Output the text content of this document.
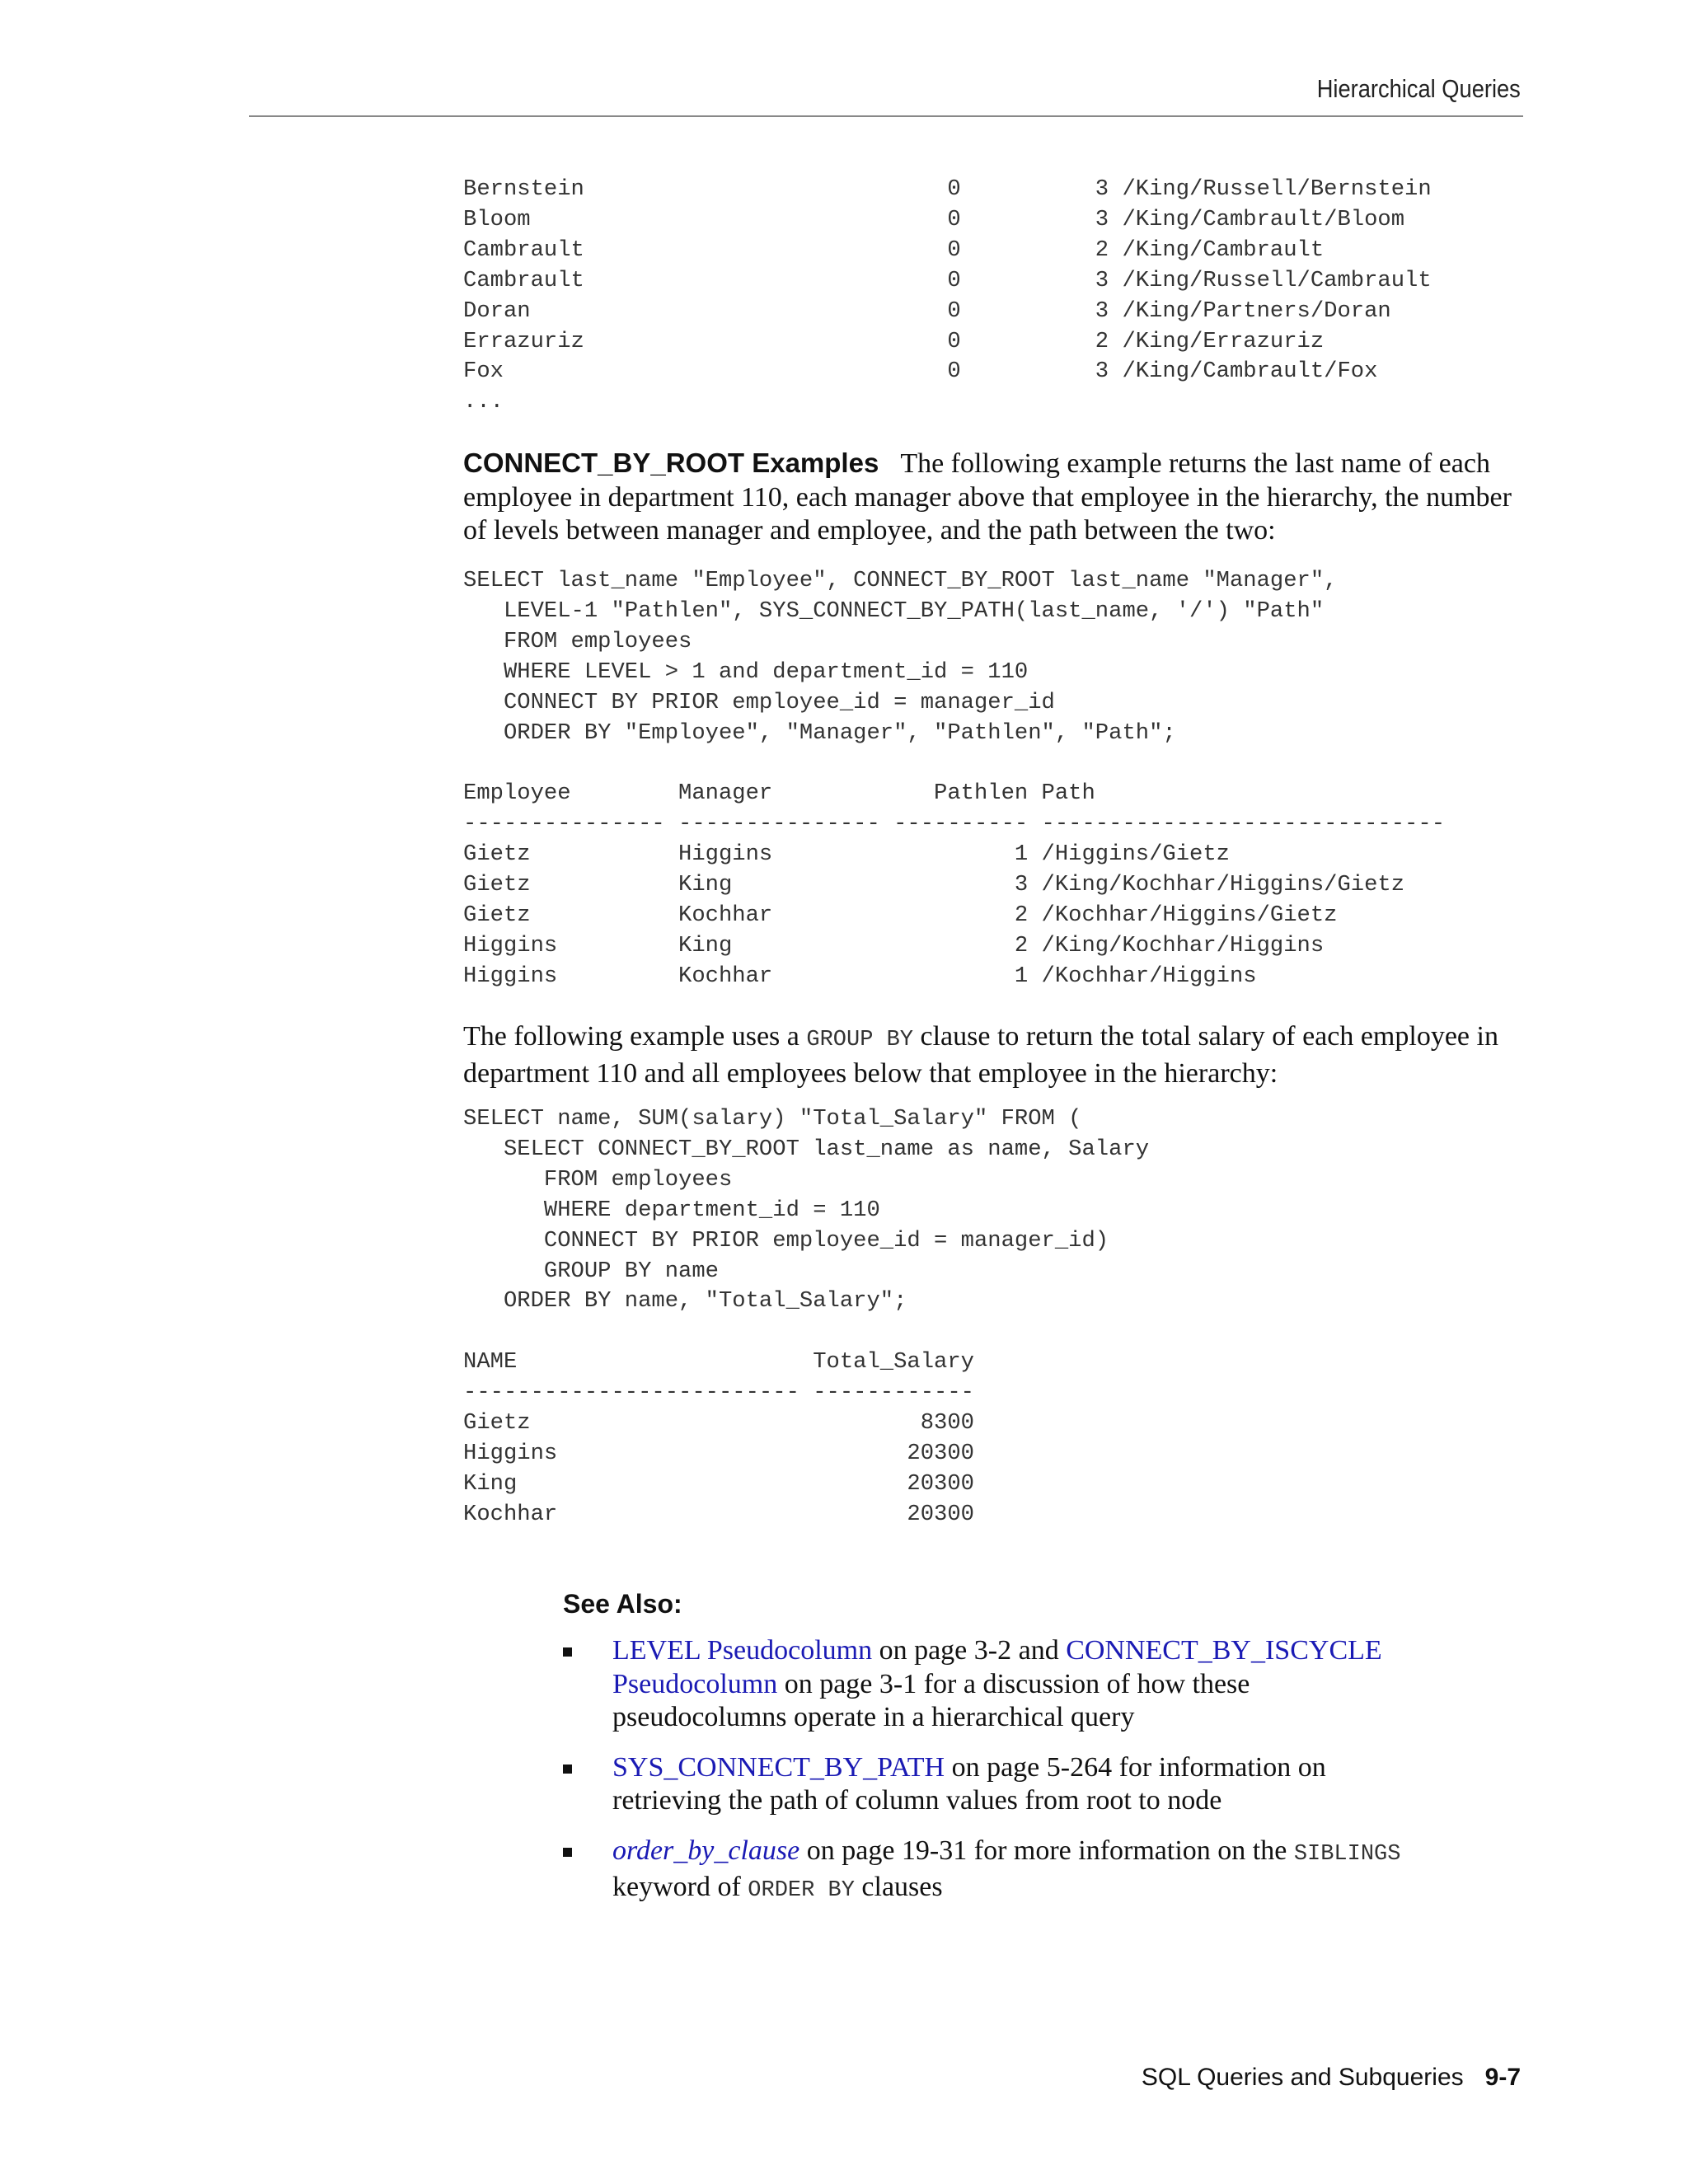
Hierarchical Queries
Bernstein                           0          3 /King/Russell/Bernstein
Bloom                               0          3 /King/Cambrault/Bloom
Cambrault                           0          2 /King/Cambrault
Cambrault                           0          3 /King/Russell/Cambrault
Doran                               0          3 /King/Partners/Doran
Errazuriz                           0          2 /King/Errazuriz
Fox                                 0          3 /King/Cambrault/Fox
...

CONNECT_BY_ROOT Examples The following example returns the last name of each employee in department 110, each manager above that employee in the hierarchy, the number of levels between manager and employee, and the path between the two:

SELECT last_name "Employee", CONNECT_BY_ROOT last_name "Manager",
LEVEL-1 "Pathlen", SYS_CONNECT_BY_PATH(last_name, '/') "Path"
FROM employees
WHERE LEVEL > 1 and department_id = 110
CONNECT BY PRIOR employee_id = manager_id
ORDER BY "Employee", "Manager", "Pathlen", "Path";

Employee        Manager            Pathlen Path
--------------- --------------- ---------- ------------------------------
Gietz           Higgins                  1 /Higgins/Gietz
Gietz           King                     3 /King/Kochhar/Higgins/Gietz
Gietz           Kochhar                  2 /Kochhar/Higgins/Gietz
Higgins         King                     2 /King/Kochhar/Higgins
Higgins         Kochhar                  1 /Kochhar/Higgins

The following example uses a GROUP BY clause to return the total salary of each employee in department 110 and all employees below that employee in the hierarchy:

SELECT name, SUM(salary) "Total_Salary" FROM (
SELECT CONNECT_BY_ROOT last_name as name, Salary
FROM employees
WHERE department_id = 110
CONNECT BY PRIOR employee_id = manager_id)
GROUP BY name
ORDER BY name, "Total_Salary";

NAME                      Total_Salary
------------------------- ------------
Gietz                             8300
Higgins                          20300
King                             20300
Kochhar                          20300

See Also:

LEVEL Pseudocolumn on page 3-2 and CONNECT_BY_ISCYCLE Pseudocolumn on page 3-1 for a discussion of how these pseudocolumns operate in a hierarchical query
SYS_CONNECT_BY_PATH on page 5-264 for information on retrieving the path of column values from root to node
order_by_clause on page 19-31 for more information on the SIBLINGS keyword of ORDER BY clauses
SQL Queries and Subqueries 9-7
